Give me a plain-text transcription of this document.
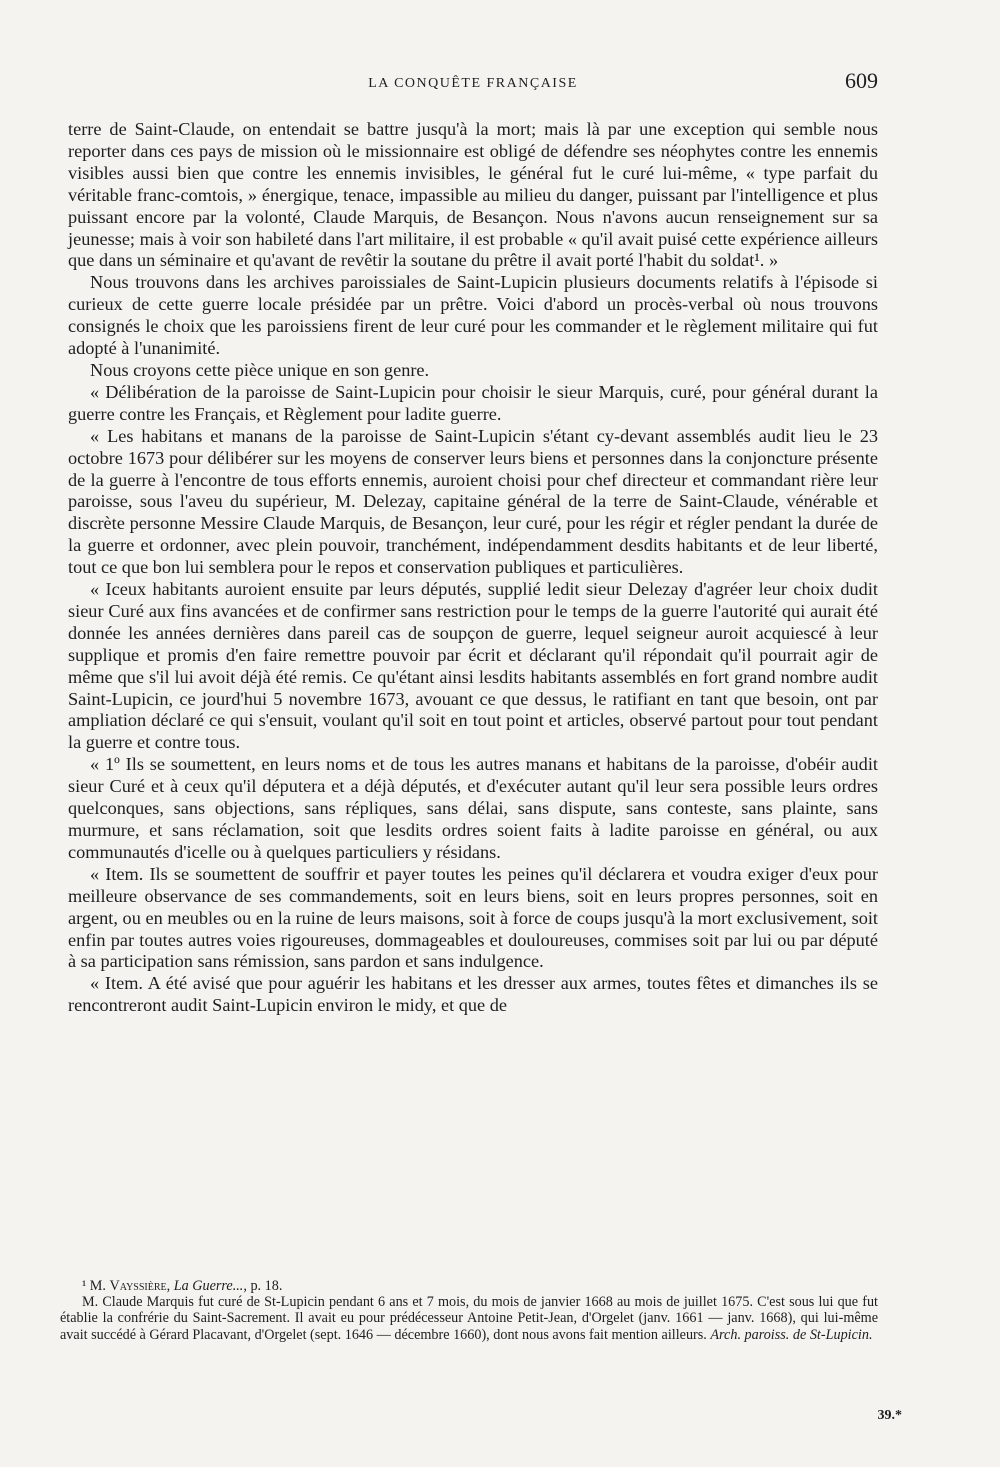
LA CONQUÊTE FRANÇAISE	609

terre de Saint-Claude, on entendait se battre jusqu'à la mort; mais là par une exception qui semble nous reporter dans ces pays de mission où le missionnaire est obligé de défendre ses néophytes contre les ennemis visibles aussi bien que contre les ennemis invisibles, le général fut le curé lui-même, « type parfait du véritable franc-comtois, » énergique, tenace, impassible au milieu du danger, puissant par l'intelligence et plus puissant encore par la volonté, Claude Marquis, de Besançon. Nous n'avons aucun renseignement sur sa jeunesse; mais à voir son habileté dans l'art militaire, il est probable « qu'il avait puisé cette expérience ailleurs que dans un séminaire et qu'avant de revêtir la soutane du prêtre il avait porté l'habit du soldat¹. »

Nous trouvons dans les archives paroissiales de Saint-Lupicin plusieurs documents relatifs à l'épisode si curieux de cette guerre locale présidée par un prêtre. Voici d'abord un procès-verbal où nous trouvons consignés le choix que les paroissiens firent de leur curé pour les commander et le règlement militaire qui fut adopté à l'unanimité.

Nous croyons cette pièce unique en son genre.

« Délibération de la paroisse de Saint-Lupicin pour choisir le sieur Marquis, curé, pour général durant la guerre contre les Français, et Règlement pour ladite guerre.

« Les habitans et manans de la paroisse de Saint-Lupicin s'étant cy-devant assemblés audit lieu le 23 octobre 1673 pour délibérer sur les moyens de conserver leurs biens et personnes dans la conjoncture présente de la guerre à l'encontre de tous efforts ennemis, auroient choisi pour chef directeur et commandant rière leur paroisse, sous l'aveu du supérieur, M. Delezay, capitaine général de la terre de Saint-Claude, vénérable et discrète personne Messire Claude Marquis, de Besançon, leur curé, pour les régir et régler pendant la durée de la guerre et ordonner, avec plein pouvoir, tranchément, indépendamment desdits habitants et de leur liberté, tout ce que bon lui semblera pour le repos et conservation publiques et particulières.

« Iceux habitants auroient ensuite par leurs députés, supplié ledit sieur Delezay d'agréer leur choix dudit sieur Curé aux fins avancées et de confirmer sans restriction pour le temps de la guerre l'autorité qui aurait été donnée les années dernières dans pareil cas de soupçon de guerre, lequel seigneur auroit acquiescé à leur supplique et promis d'en faire remettre pouvoir par écrit et déclarant qu'il répondait qu'il pourrait agir de même que s'il lui avoit déjà été remis. Ce qu'étant ainsi lesdits habitants assemblés en fort grand nombre audit Saint-Lupicin, ce jourd'hui 5 novembre 1673, avouant ce que dessus, le ratifiant en tant que besoin, ont par ampliation déclaré ce qui s'ensuit, voulant qu'il soit en tout point et articles, observé partout pour tout pendant la guerre et contre tous.

« 1º Ils se soumettent, en leurs noms et de tous les autres manans et habitans de la paroisse, d'obéir audit sieur Curé et à ceux qu'il députera et a déjà députés, et d'exécuter autant qu'il leur sera possible leurs ordres quelconques, sans objections, sans répliques, sans délai, sans dispute, sans conteste, sans plainte, sans murmure, et sans réclamation, soit que lesdits ordres soient faits à ladite paroisse en général, ou aux communautés d'icelle ou à quelques particuliers y résidans.

« Item. Ils se soumettent de souffrir et payer toutes les peines qu'il déclarera et voudra exiger d'eux pour meilleure observance de ses commandements, soit en leurs biens, soit en leurs propres personnes, soit en argent, ou en meubles ou en la ruine de leurs maisons, soit à force de coups jusqu'à la mort exclusivement, soit enfin par toutes autres voies rigoureuses, dommageables et douloureuses, commises soit par lui ou par député à sa participation sans rémission, sans pardon et sans indulgence.

« Item. A été avisé que pour aguérir les habitans et les dresser aux armes, toutes fêtes et dimanches ils se rencontreront audit Saint-Lupicin environ le midy, et que de

¹ M. Vayssière, La Guerre..., p. 18.

M. Claude Marquis fut curé de St-Lupicin pendant 6 ans et 7 mois, du mois de janvier 1668 au mois de juillet 1675. C'est sous lui que fut établie la confrérie du Saint-Sacrement. Il avait eu pour prédécesseur Antoine Petit-Jean, d'Orgelet (janv. 1661 — janv. 1668), qui lui-même avait succédé à Gérard Placavant, d'Orgelet (sept. 1646 — décembre 1660), dont nous avons fait mention ailleurs. Arch. paroiss. de St-Lupicin.

39.*
